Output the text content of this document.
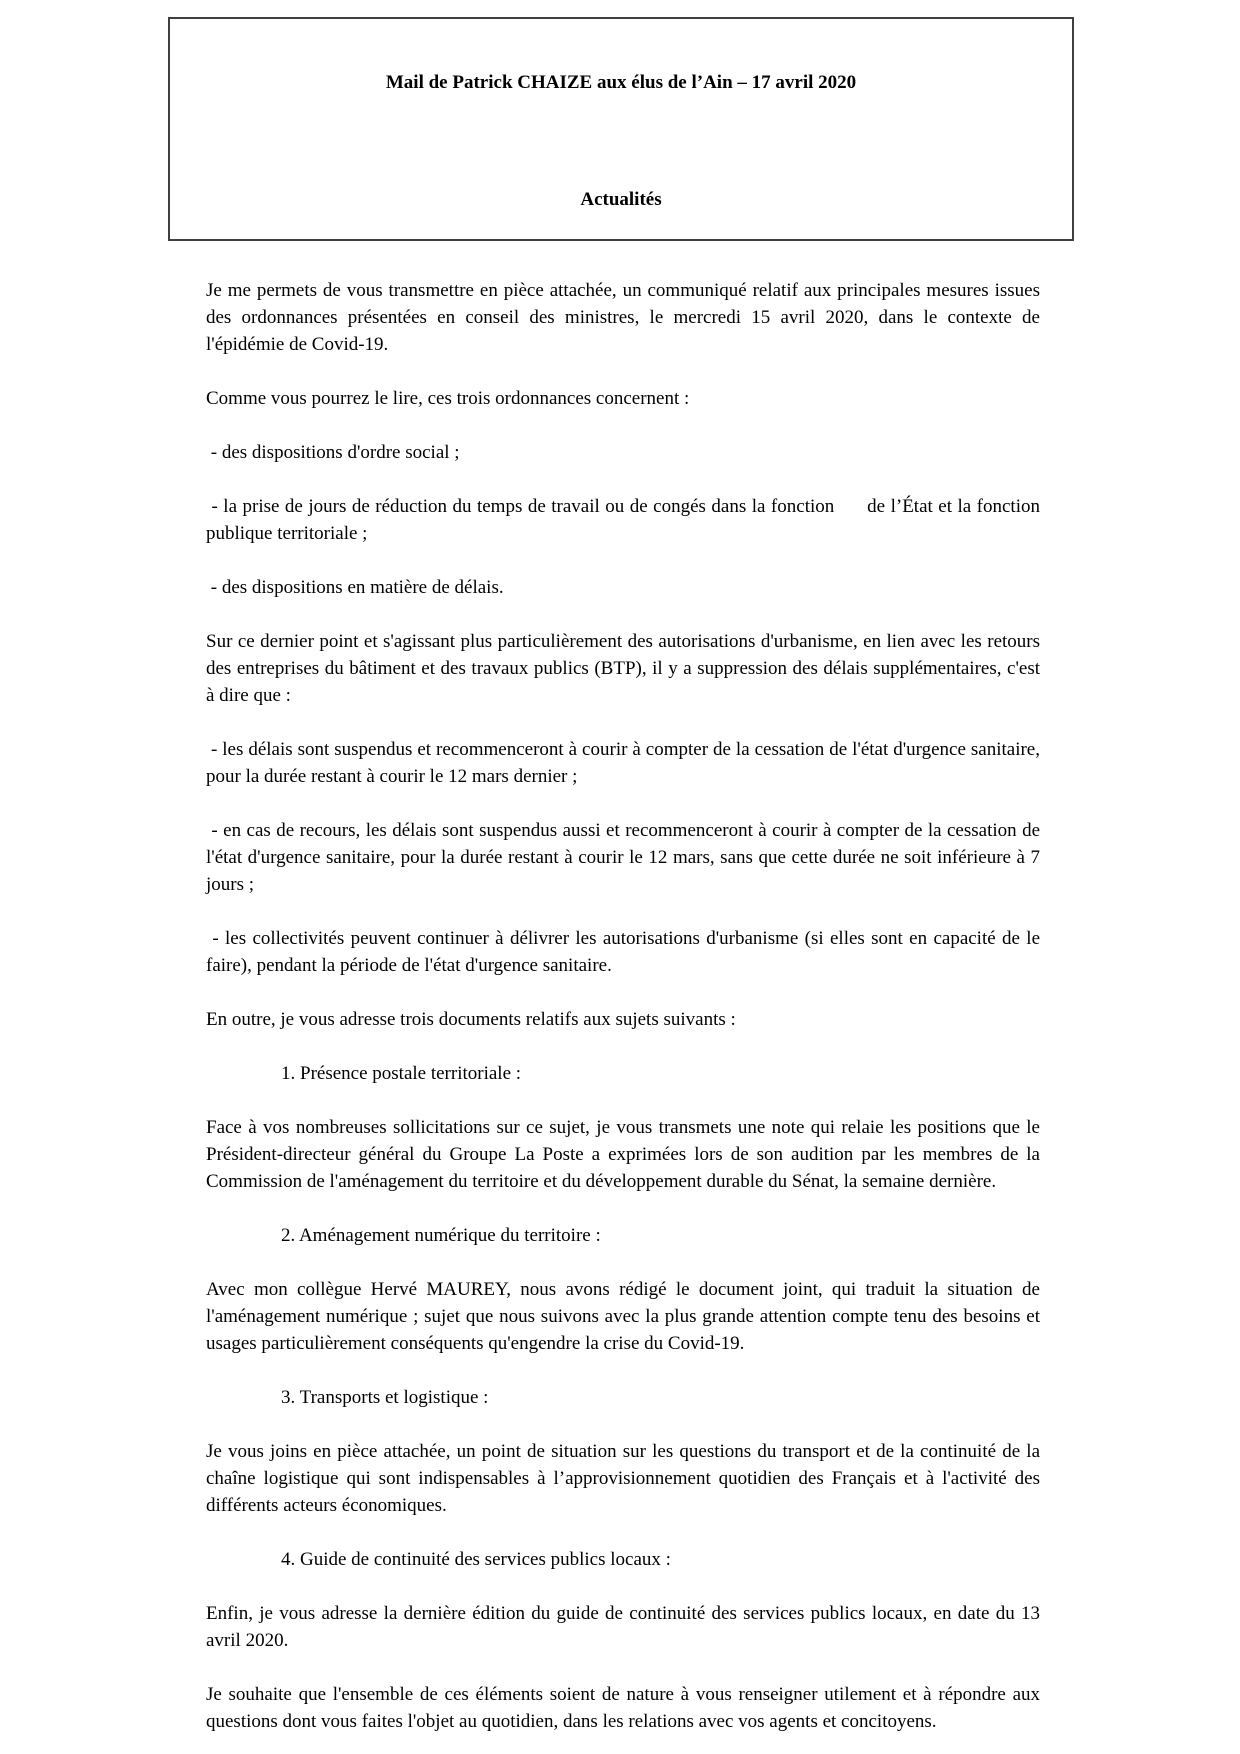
Mail de Patrick CHAIZE aux élus de l’Ain – 17 avril 2020
Actualités

Je me permets de vous transmettre en pièce attachée, un communiqué relatif aux principales mesures issues des ordonnances présentées en conseil des ministres, le mercredi 15 avril 2020, dans le contexte de l'épidémie de Covid-19.

Comme vous pourrez le lire, ces trois ordonnances concernent :

- des dispositions d'ordre social ;

- la prise de jours de réduction du temps de travail ou de congés dans la fonction      de l’État et la fonction publique territoriale ;

- des dispositions en matière de délais.

Sur ce dernier point et s'agissant plus particulièrement des autorisations d'urbanisme, en lien avec les retours des entreprises du bâtiment et des travaux publics (BTP), il y a suppression des délais supplémentaires, c'est à dire que :

- les délais sont suspendus et recommenceront à courir à compter de la cessation de l'état d'urgence sanitaire, pour la durée restant à courir le 12 mars dernier ;

- en cas de recours, les délais sont suspendus aussi et recommenceront à courir à compter de la cessation de l'état d'urgence sanitaire, pour la durée restant à courir le 12 mars, sans que cette durée ne soit inférieure à 7 jours ;

- les collectivités peuvent continuer à délivrer les autorisations d'urbanisme (si elles sont en capacité de le faire), pendant la période de l'état d'urgence sanitaire.

En outre, je vous adresse trois documents relatifs aux sujets suivants :

1. Présence postale territoriale :

Face à vos nombreuses sollicitations sur ce sujet, je vous transmets une note qui relaie les positions que le Président-directeur général du Groupe La Poste a exprimées lors de son audition par les membres de la Commission de l'aménagement du territoire et du développement durable du Sénat, la semaine dernière.

2. Aménagement numérique du territoire :

Avec mon collègue Hervé MAUREY, nous avons rédigé le document joint, qui traduit la situation de l'aménagement numérique ; sujet que nous suivons avec la plus grande attention compte tenu des besoins et usages particulièrement conséquents qu'engendre la crise du Covid-19.

3. Transports et logistique :

Je vous joins en pièce attachée, un point de situation sur les questions du transport et de la continuité de la chaîne logistique qui sont indispensables à l’approvisionnement quotidien des Français et à l'activité des différents acteurs économiques.

4. Guide de continuité des services publics locaux :

Enfin, je vous adresse la dernière édition du guide de continuité des services publics locaux, en date du 13 avril 2020.

Je souhaite que l'ensemble de ces éléments soient de nature à vous renseigner utilement et à répondre aux questions dont vous faites l'objet au quotidien, dans les relations avec vos agents et concitoyens.
